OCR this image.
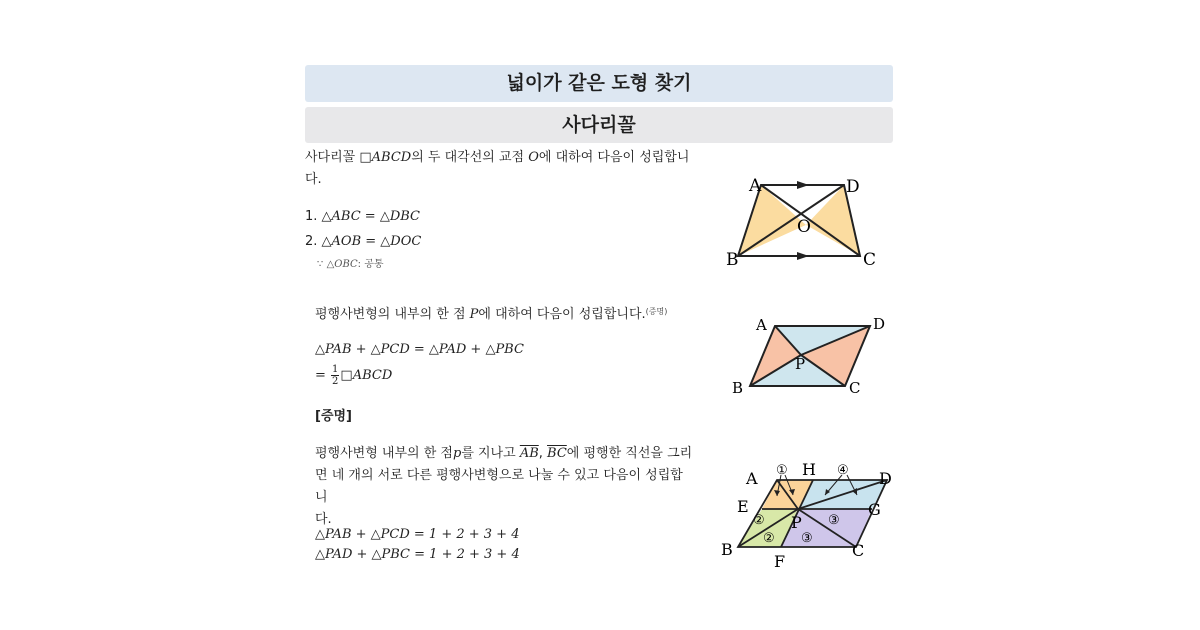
넓이가 같은 도형 찾기
사다리꼴
사다리꼴 □ABCD의 두 대각선의 교점 O에 대하여 다음이 성립합니
다.
1. △ABC = △DBC
2. △AOB = △DOC
∵ △OBC: 공통
평행사변형의 내부의 한 점 P에 대하여 다음이 성립합니다.$^{(증명)}$
△PAB + △PCD = △PAD + △PBC
= $\frac{1}{2}$ □ABCD
[증명]
평행사변형 내부의 한 점p를 지나고 $\overline{AB}$, $\overline{BC}$에 평행한 직선을 그리
면 네 개의 서로 다른 평행사변형으로 나눌 수 있고 다음이 성립합니
다.
△PAB + △PCD = 1 + 2 + 3 + 4
△PAD + △PBC = 1 + 2 + 3 + 4
A	D
B	C
O
A	D
B	C
P
①	④
②
②
③
③
A	H	D
E	G
P
B	C
F
